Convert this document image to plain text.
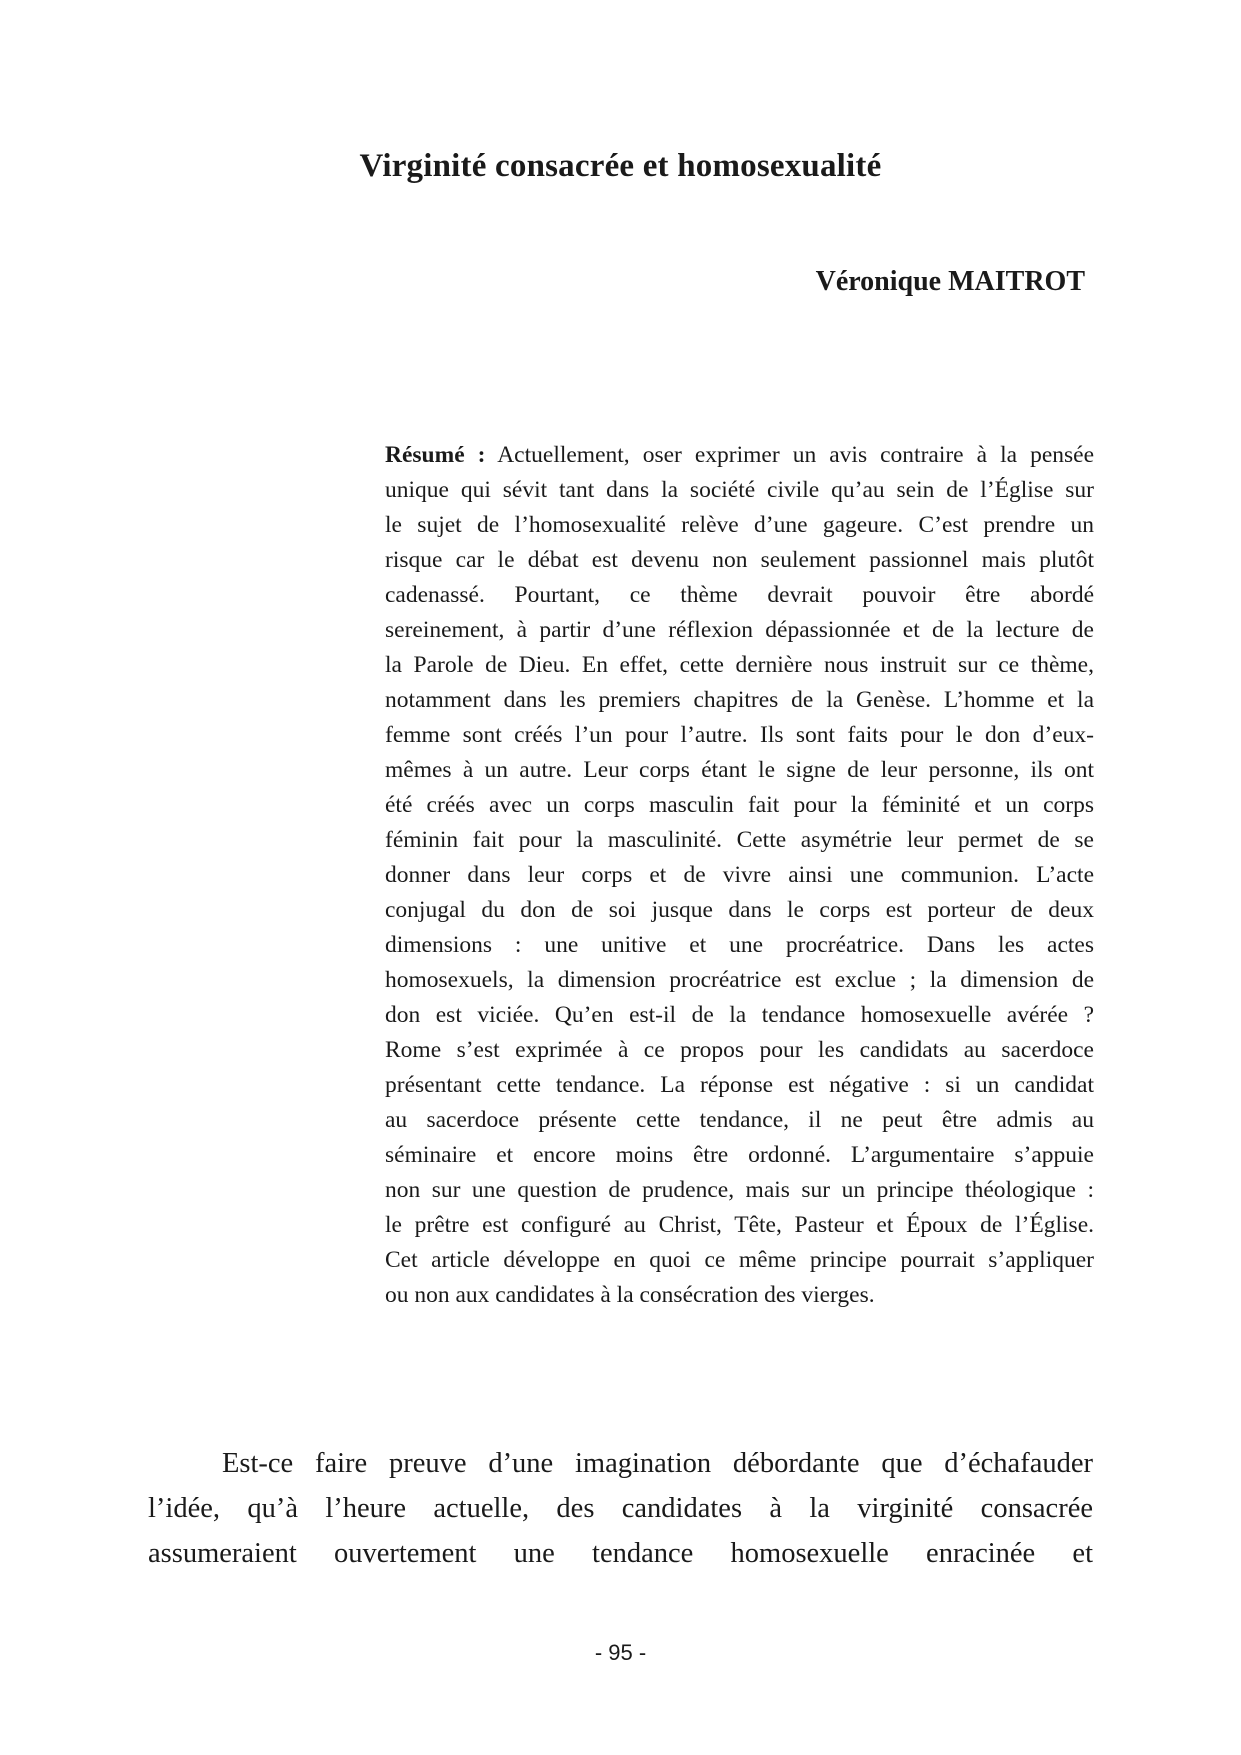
Virginité consacrée et homosexualité

Véronique MAITROT

Résumé : Actuellement, oser exprimer un avis contraire à la pensée
unique qui sévit tant dans la société civile qu’au sein de l’Église sur
le sujet de l’homosexualité relève d’une gageure. C’est prendre un
risque car le débat est devenu non seulement passionnel mais plutôt
cadenassé. Pourtant, ce thème devrait pouvoir être abordé
sereinement, à partir d’une réflexion dépassionnée et de la lecture de
la Parole de Dieu. En effet, cette dernière nous instruit sur ce thème,
notamment dans les premiers chapitres de la Genèse. L’homme et la
femme sont créés l’un pour l’autre. Ils sont faits pour le don d’eux-
mêmes à un autre. Leur corps étant le signe de leur personne, ils ont
été créés avec un corps masculin fait pour la féminité et un corps
féminin fait pour la masculinité. Cette asymétrie leur permet de se
donner dans leur corps et de vivre ainsi une communion. L’acte
conjugal du don de soi jusque dans le corps est porteur de deux
dimensions : une unitive et une procréatrice. Dans les actes
homosexuels, la dimension procréatrice est exclue ; la dimension de
don est viciée. Qu’en est-il de la tendance homosexuelle avérée ?
Rome s’est exprimée à ce propos pour les candidats au sacerdoce
présentant cette tendance. La réponse est négative : si un candidat
au sacerdoce présente cette tendance, il ne peut être admis au
séminaire et encore moins être ordonné. L’argumentaire s’appuie
non sur une question de prudence, mais sur un principe théologique :
le prêtre est configuré au Christ, Tête, Pasteur et Époux de l’Église.
Cet article développe en quoi ce même principe pourrait s’appliquer
ou non aux candidates à la consécration des vierges.
Est-ce faire preuve d’une imagination débordante que d’échafauder
l’idée, qu’à l’heure actuelle, des candidates à la virginité consacrée
assumeraient ouvertement une tendance homosexuelle enracinée et

- 95 -
